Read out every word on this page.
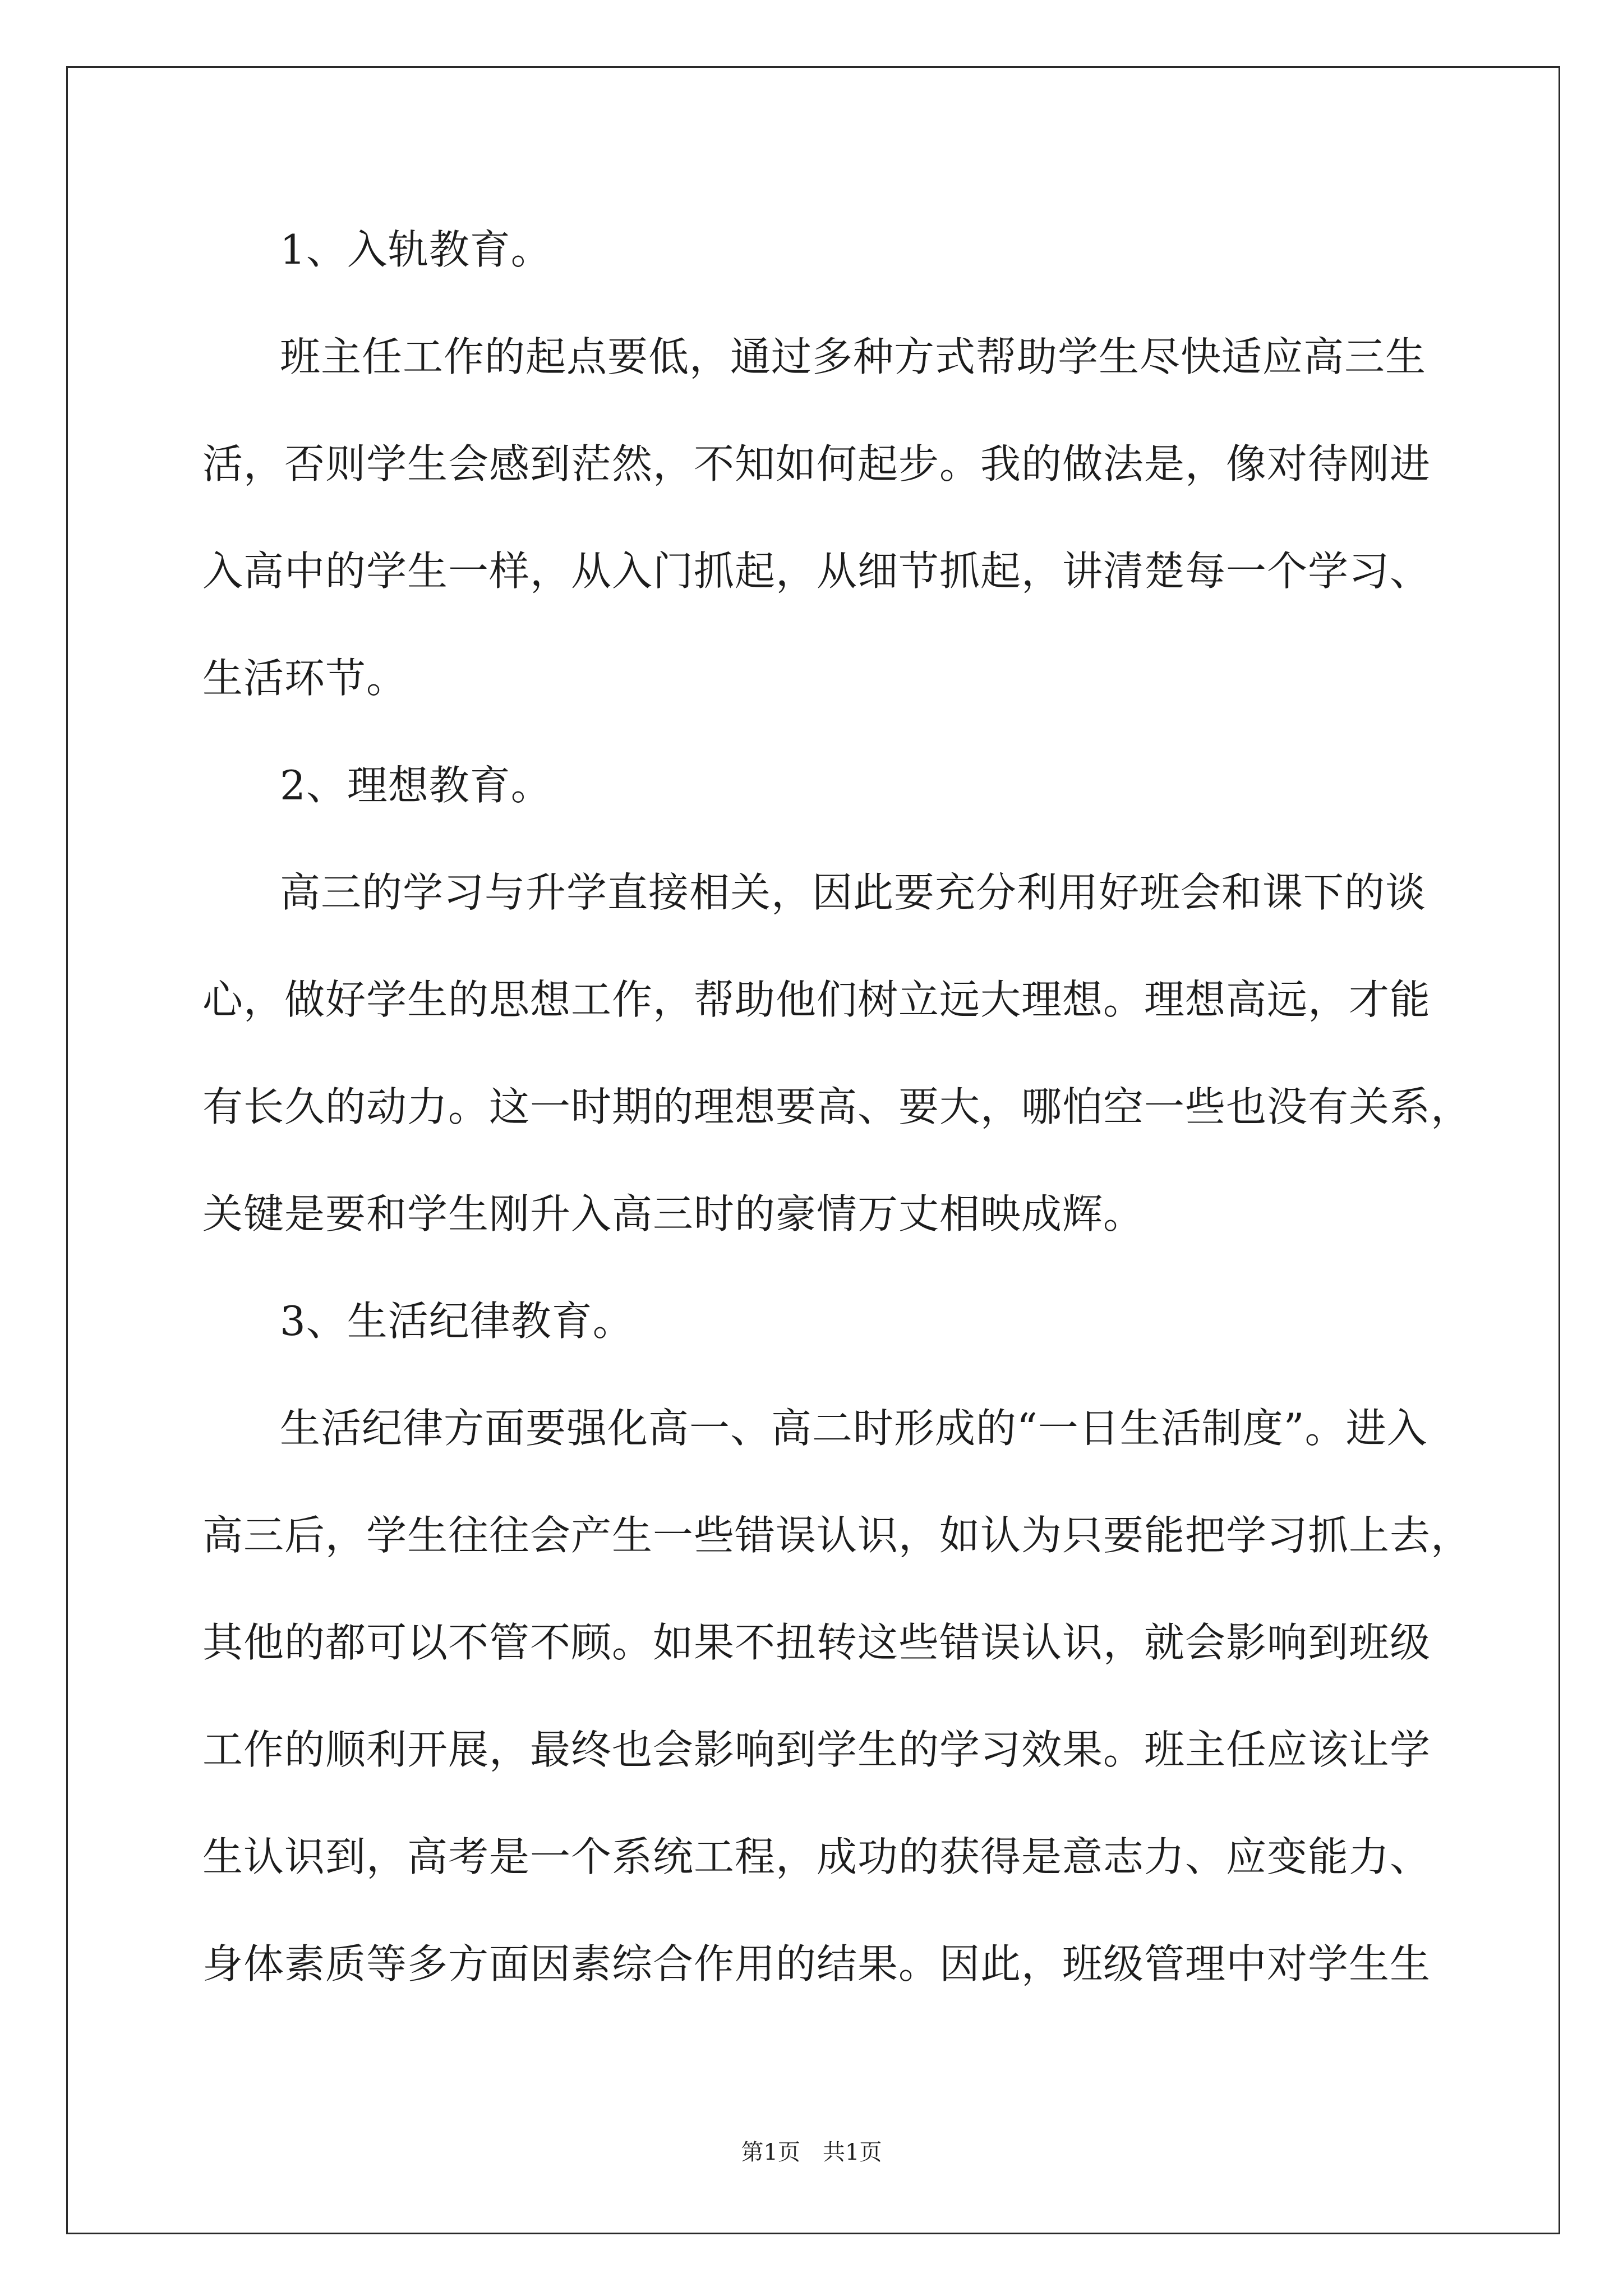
1、入轨教育。
班主任工作的起点要低，通过多种方式帮助学生尽快适应高三生
活，否则学生会感到茫然，不知如何起步。我的做法是，像对待刚进
入高中的学生一样，从入门抓起，从细节抓起，讲清楚每一个学习、
生活环节。
2、理想教育。
高三的学习与升学直接相关，因此要充分利用好班会和课下的谈
心，做好学生的思想工作，帮助他们树立远大理想。理想高远，才能
有长久的动力。这一时期的理想要高、要大，哪怕空一些也没有关系，
关键是要和学生刚升入高三时的豪情万丈相映成辉。
3、生活纪律教育。
生活纪律方面要强化高一、高二时形成的“一日生活制度”。进入
高三后，学生往往会产生一些错误认识，如认为只要能把学习抓上去，
其他的都可以不管不顾。如果不扭转这些错误认识，就会影响到班级
工作的顺利开展，最终也会影响到学生的学习效果。班主任应该让学
生认识到，高考是一个系统工程，成功的获得是意志力、应变能力、
身体素质等多方面因素综合作用的结果。因此，班级管理中对学生生
第1页　共1页
